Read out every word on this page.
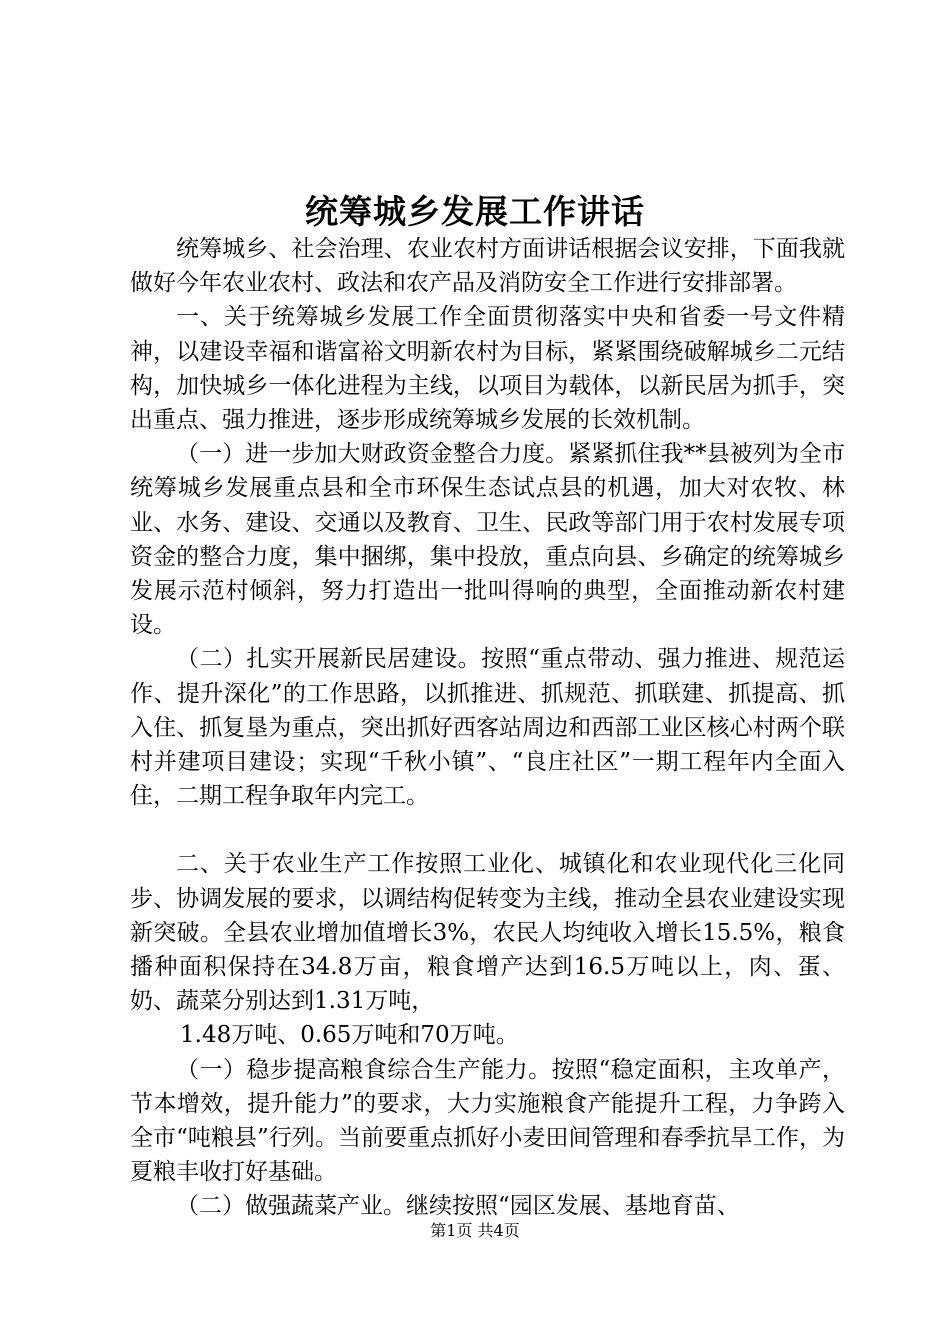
统筹城乡发展工作讲话

统筹城乡、社会治理、农业农村方面讲话根据会议安排，下面我就做好今年农业农村、政法和农产品及消防安全工作进行安排部署。

一、关于统筹城乡发展工作全面贯彻落实中央和省委一号文件精神，以建设幸福和谐富裕文明新农村为目标，紧紧围绕破解城乡二元结构，加快城乡一体化进程为主线，以项目为载体，以新民居为抓手，突出重点、强力推进，逐步形成统筹城乡发展的长效机制。

（一）进一步加大财政资金整合力度。紧紧抓住我**县被列为全市统筹城乡发展重点县和全市环保生态试点县的机遇，加大对农牧、林业、水务、建设、交通以及教育、卫生、民政等部门用于农村发展专项资金的整合力度，集中捆绑，集中投放，重点向县、乡确定的统筹城乡发展示范村倾斜，努力打造出一批叫得响的典型，全面推动新农村建设。

（二）扎实开展新民居建设。按照“重点带动、强力推进、规范运作、提升深化”的工作思路，以抓推进、抓规范、抓联建、抓提高、抓入住、抓复垦为重点，突出抓好西客站周边和西部工业区核心村两个联村并建项目建设；实现“千秋小镇”、“良庄社区”一期工程年内全面入住，二期工程争取年内完工。

二、关于农业生产工作按照工业化、城镇化和农业现代化三化同步、协调发展的要求，以调结构促转变为主线，推动全县农业建设实现新突破。全县农业增加值增长3%，农民人均纯收入增长15.5%，粮食播种面积保持在34.8万亩，粮食增产达到16.5万吨以上，肉、蛋、奶、蔬菜分别达到1.31万吨，

1.48万吨、0.65万吨和70万吨。

（一）稳步提高粮食综合生产能力。按照“稳定面积，主攻单产，节本增效，提升能力”的要求，大力实施粮食产能提升工程，力争跨入全市“吨粮县”行列。当前要重点抓好小麦田间管理和春季抗旱工作，为夏粮丰收打好基础。

（二）做强蔬菜产业。继续按照“园区发展、基地育苗、

第1页 共4页
